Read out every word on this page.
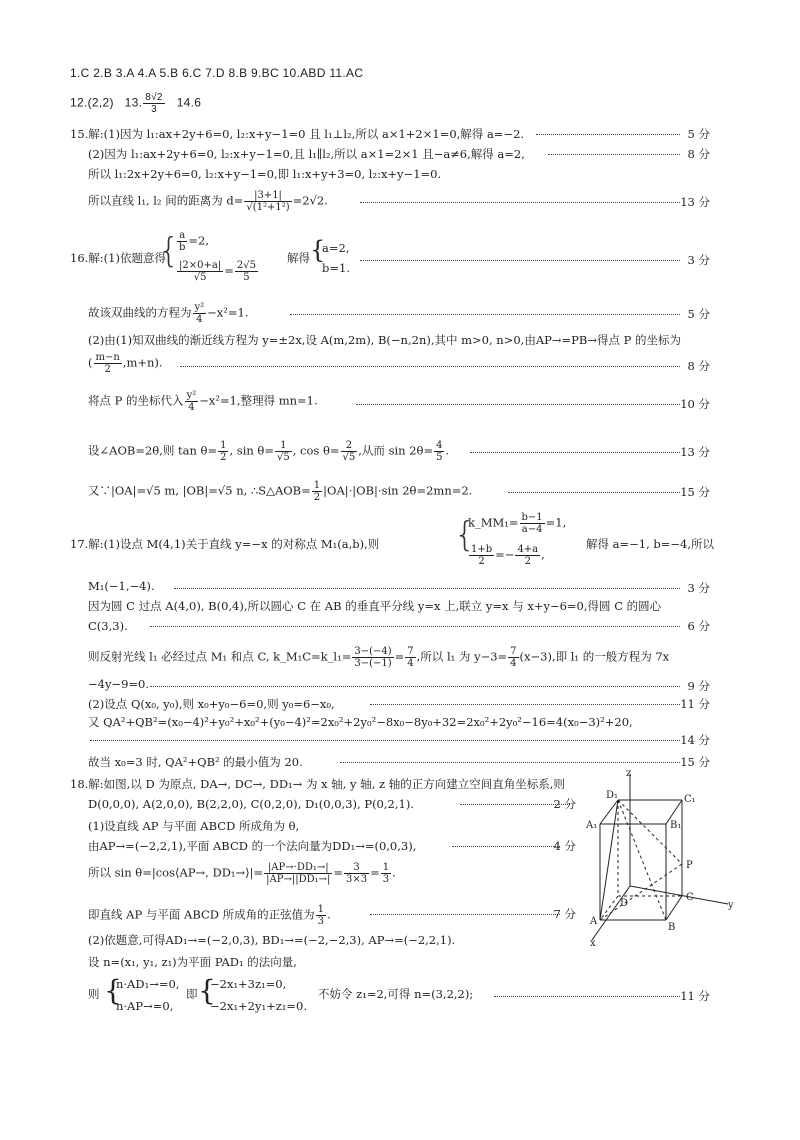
1.C 2.B 3.A 4.A 5.B 6.C 7.D 8.B 9.BC 10.ABD 11.AC
12.(2,2) 13. $\frac{8√2}{3} 14.6$
15.解:(1)因为 l₁:ax+2y+6=0, l₂:x+y−1=0 且 l₁⊥l₂,所以 a×1+2×1=0,解得 a=−2.	5 分
(2)因为 l₁:ax+2y+6=0, l₂:x+y−1=0,且 l₁∥l₂,所以 a×1=2×1 且−a≠6,解得 a=2,	8 分
所以 l₁:2x+2y+6=0, l₂:x+y−1=0,即 l₁:x+y+3=0, l₂:x+y−1=0.
所以直线 l₁, l₂ 间的距离为 $d= \frac{|3+1|}{\text{√(1²+1²)}} =2√2$.	13 分
16.解:(1)依题意得
{
$\frac{a}{b} =2$,
$\frac{|2\times 0+a|}{√5} = \frac{2√5}{5}$
解得 {
a=2,
b=1.
3 分
故该双曲线的方程为 $\frac{\text{y²}}{4} -x^2=1$.	5 分
(2)由(1)知双曲线的渐近线方程为 y=±2x,设 A(m,2m), B(−n,2n),其中 m>0, n>0,由AP→=PB→得点 P 的坐标为
( $\frac{m-n}{2} ,m+n$).	8 分
将点 P 的坐标代入 $\frac{\text{y²}}{4} -x^2=1$,整理得 mn=1.	10 分
设∠AOB=2θ,则 $\tan \theta= \frac{1}{2}$ , $\sin \theta= \frac{1}{√5}$ , $\cos \theta= \frac{2}{√5}$ ,从而 $\sin 2\theta= \frac{4}{5}$ .	13 分
又∵|OA|=√5 m, |OB|=√5 n, ∴S△AOB= $\frac{1}{2} |OA|\cdot|OB|\cdot\sin$ 2θ=2mn=2.	15 分
17.解:(1)设点 M(4,1)关于直线 y=−x 的对称点 M₁(a,b),则 {
k_MM₁= $\frac{b-1}{a-4} =1$,
$\frac{1+b}{2} =- \frac{4+a}{2}$ ,
解得 a=−1, b=−4,所以
M₁(−1,−4).	3 分
因为圆 C 过点 A(4,0), B(0,4),所以圆心 C 在 AB 的垂直平分线 y=x 上,联立 y=x 与 x+y−6=0,得圆 C 的圆心
C(3,3).	6 分
则反射光线 l₁ 必经过点 M₁ 和点 C, k_M₁C=k_l₁= $\frac{3-(-4)}{3-(-1)} = \frac{7}{4}$ ,所以 l₁ 为 $y-3= \frac{7}{4} (x-3)$,即 l₁ 的一般方程为 7x
−4y−9=0.	9 分
(2)设点 Q(x₀, y₀),则 x₀+y₀−6=0,则 y₀=6−x₀,	11 分
又 QA²+QB²=(x₀−4)²+y₀²+x₀²+(y₀−4)²=2x₀²+2y₀²−8x₀−8y₀+32=2x₀²+2y₀²−16=4(x₀−3)²+20,
14 分
故当 x₀=3 时, QA²+QB² 的最小值为 20.	15 分
18.解:如图,以 D 为原点, DA→, DC→, DD₁→ 为 x 轴, y 轴, z 轴的正方向建立空间直角坐标系,则
D(0,0,0), A(2,0,0), B(2,2,0), C(0,2,0), D₁(0,0,3), P(0,2,1).	2 分
(1)设直线 AP 与平面 ABCD 所成角为 θ,
由AP→=(−2,2,1),平面 ABCD 的一个法向量为DD₁→=(0,0,3),	4 分
所以 sin θ=|cos⟨AP→, DD₁→⟩|= $\frac{\text{|AP→·DD₁→|}}{\text{|AP→||DD₁→|}} = \frac{3}{3\times 3} = \frac{1}{3}$ .
即直线 AP 与平面 ABCD 所成角的正弦值为 $\frac{1}{3}$ .	7 分
(2)依题意,可得AD₁→=(−2,0,3), BD₁→=(−2,−2,3), AP→=(−2,2,1).
设 n=(x₁, y₁, z₁)为平面 PAD₁ 的法向量,
则 {
n·AD₁→=0,
n·AP→=0,
即 {
−2x₁+3z₁=0,
−2x₁+2y₁+z₁=0.
不妨令 z₁=2,可得 n=(3,2,2);	11 分
z
y
x
D₁	C₁
A₁	B₁
P
C
D
A
B
